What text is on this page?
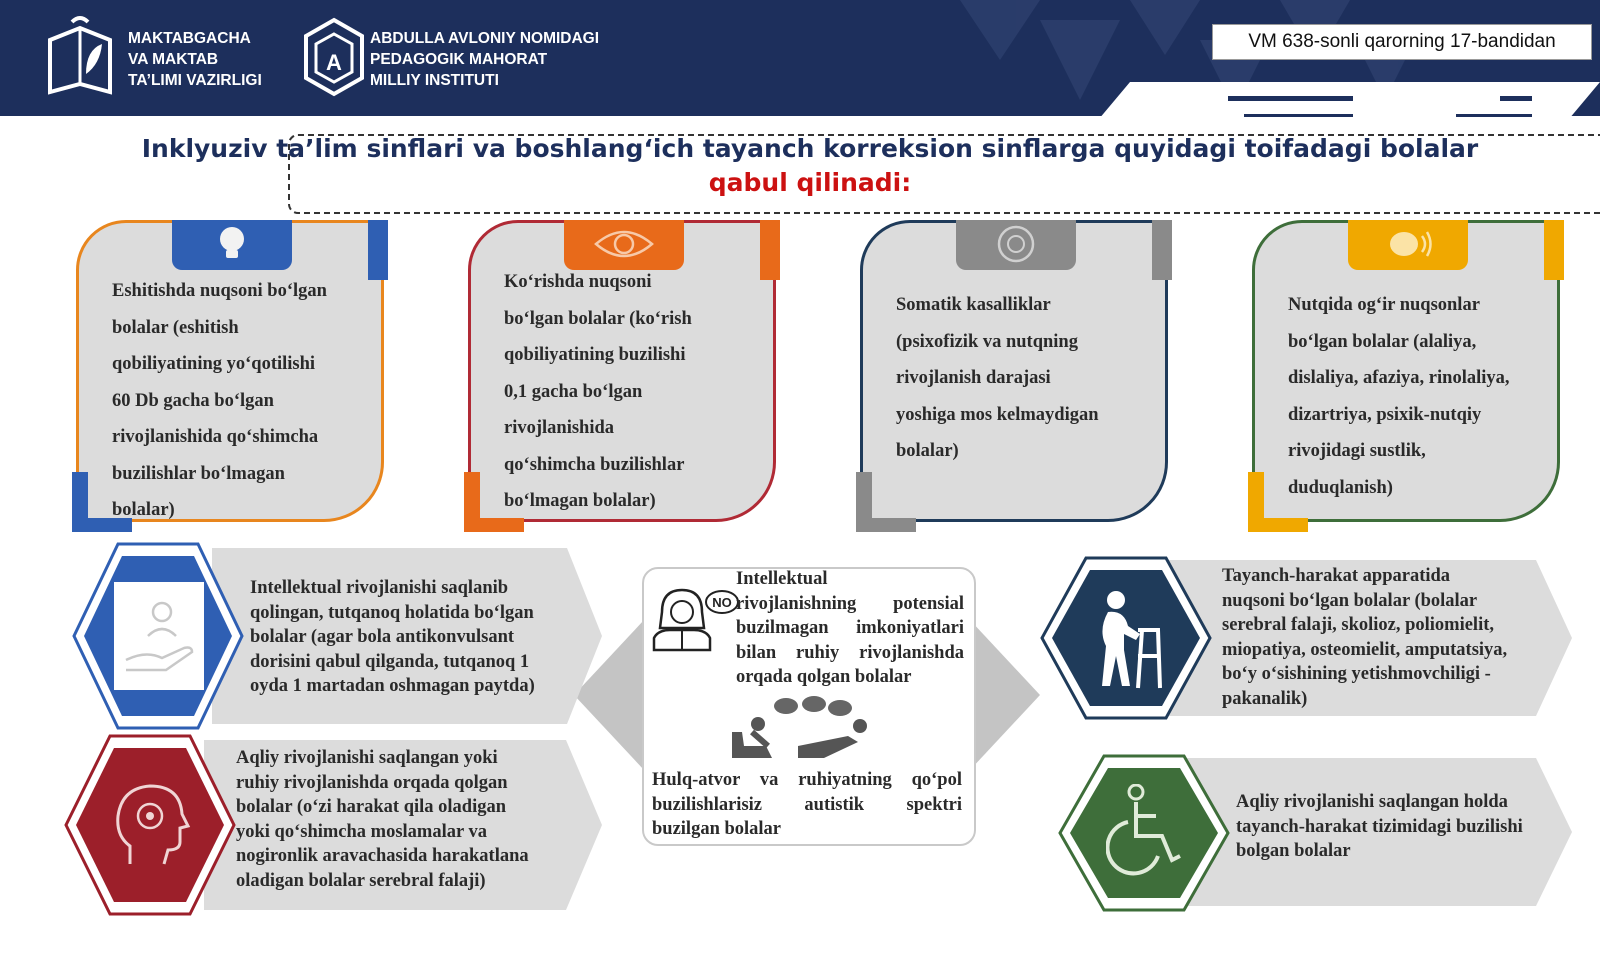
MAKTABGACHA
VA MAKTAB
TA’LIMI VAZIRLIGI
A
ABDULLA AVLONIY NOMIDAGI
PEDAGOGIK MAHORAT
MILLIY INSTITUTI
VM 638-sonli qarorning 17-bandidan
Inklyuziv ta’lim sinflari va boshlang‘ich tayanch korreksion sinflarga quyidagi toifadagi bolalar
qabul qilinadi:
Eshitishda nuqsoni bo‘lgan
bolalar (eshitish
qobiliyatining yo‘qotilishi
60 Db gacha bo‘lgan
rivojlanishida qo‘shimcha
buzilishlar bo‘lmagan
bolalar)
Ko‘rishda nuqsoni
bo‘lgan bolalar (ko‘rish
qobiliyatining buzilishi
0,1 gacha bo‘lgan
rivojlanishida
qo‘shimcha buzilishlar
bo‘lmagan bolalar)
Somatik kasalliklar
(psixofizik va nutqning
rivojlanish darajasi
yoshiga mos kelmaydigan
bolalar)
Nutqida og‘ir nuqsonlar
bo‘lgan bolalar (alaliya,
dislaliya, afaziya, rinolaliya,
dizartriya, psixik-nutqiy
rivojidagi sustlik,
duduqlanish)
Intellektual rivojlanishi saqlanib
qolingan, tutqanoq holatida bo‘lgan
bolalar (agar bola antikonvulsant
dorisini qabul qilganda, tutqanoq 1
oyda 1 martadan oshmagan paytda)
Aqliy rivojlanishi saqlangan yoki
ruhiy rivojlanishda orqada qolgan
bolalar (o‘zi harakat qila oladigan
yoki qo‘shimcha moslamalar va
nogironlik aravachasida harakatlana
oladigan bolalar serebral falaji)
NO
Intellektual
rivojlanishning potensial
buzilmagan imkoniyatlari
bilan ruhiy rivojlanishda
orqada qolgan bolalar
Hulq-atvor va ruhiyatning qo‘pol
buzilishlarisiz autistik spektri
buzilgan bolalar
Tayanch-harakat apparatida
nuqsoni bo‘lgan bolalar (bolalar
serebral falaji, skolioz, poliomielit,
miopatiya, osteomielit, amputatsiya,
bo‘y o‘sishining yetishmovchiligi -
pakanalik)
Aqliy rivojlanishi saqlangan holda
tayanch-harakat tizimidagi buzilishi
bolgan bolalar
